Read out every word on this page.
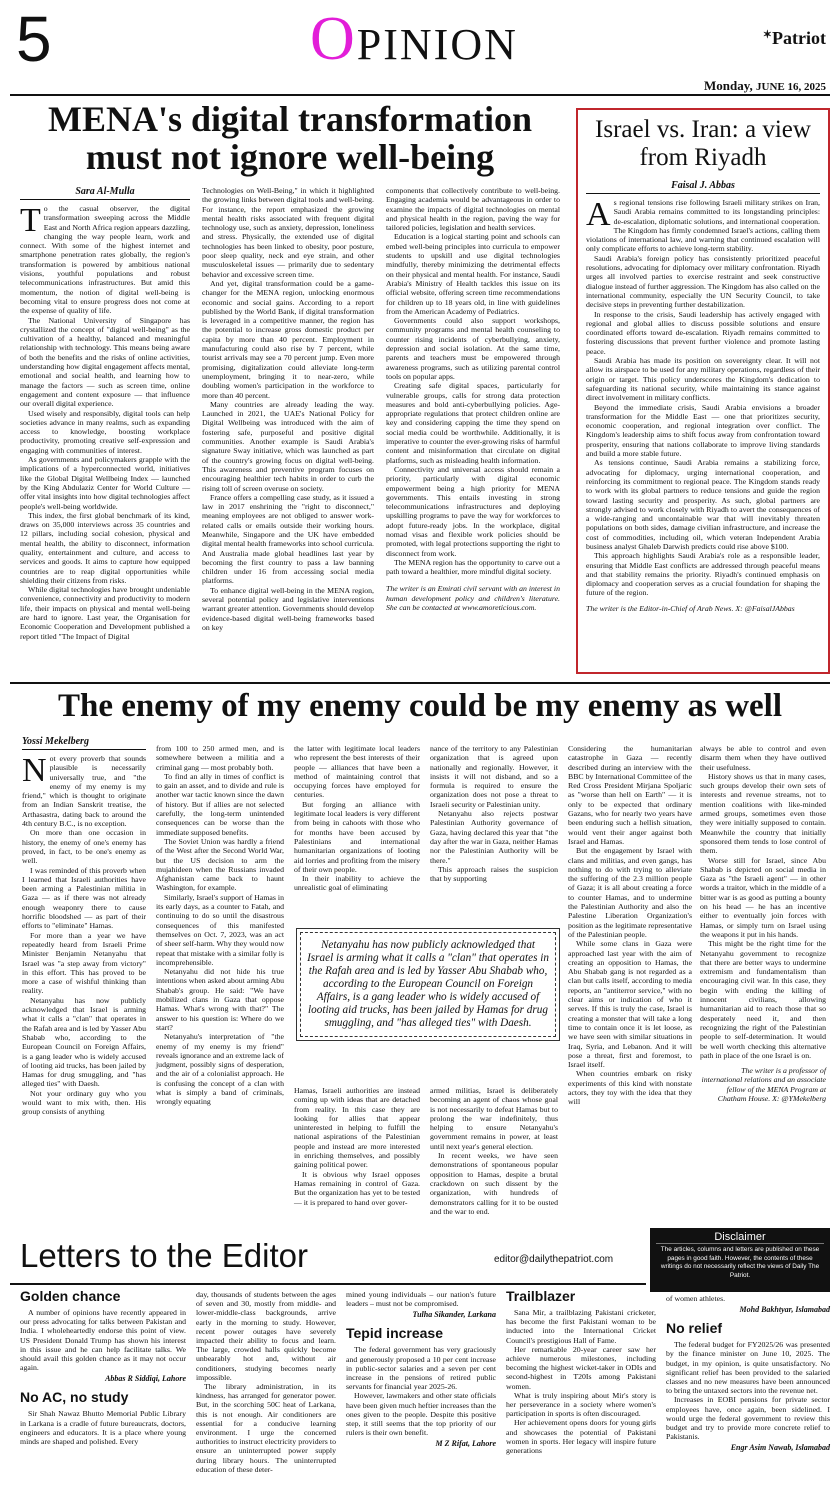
5	OPINION	✶Patriot
Monday, JUNE 16, 2025
MENA's digital transformation
must not ignore well-being
Sara Al-Mulla
T o the casual observer, the digital transformation sweeping across the Middle East and North Africa region appears dazzling, changing the way people learn, work and connect. With some of the highest internet and smartphone penetration rates globally, the region's transformation is powered by ambitious national visions, youthful populations and robust telecommunications infrastructures. But amid this momentum, the notion of digital well-being is becoming vital to ensure progress does not come at the expense of quality of life.

The National University of Singapore has crystallized the concept of "digital well-being" as the cultivation of a healthy, balanced and meaningful relationship with technology. This means being aware of both the benefits and the risks of online activities, understanding how digital engagement affects mental, emotional and social health, and learning how to manage the factors — such as screen time, online engagement and content exposure — that influence our overall digital experience.

Used wisely and responsibly, digital tools can help societies advance in many realms, such as expanding access to knowledge, boosting workplace productivity, promoting creative self-expression and engaging with communities of interest.

As governments and policymakers grapple with the implications of a hyperconnected world, initiatives like the Global Digital Wellbeing Index — launched by the King Abdulaziz Center for World Culture — offer vital insights into how digital technologies affect people's well-being worldwide.

This index, the first global benchmark of its kind, draws on 35,000 interviews across 35 countries and 12 pillars, including social cohesion, physical and mental health, the ability to disconnect, information quality, entertainment and culture, and access to services and goods. It aims to capture how equipped countries are to reap digital opportunities while shielding their citizens from risks.

While digital technologies have brought undeniable convenience, connectivity and productivity to modern life, their impacts on physical and mental well-being are hard to ignore. Last year, the Organisation for Economic Cooperation and Development published a report titled "The Impact of Digital

Technologies on Well-Being," in which it highlighted the growing links between digital tools and well-being. For instance, the report emphasized the growing mental health risks associated with frequent digital technology use, such as anxiety, depression, loneliness and stress. Physically, the extended use of digital technologies has been linked to obesity, poor posture, poor sleep quality, neck and eye strain, and other musculoskeletal issues — primarily due to sedentary behavior and excessive screen time.

And yet, digital transformation could be a game-changer for the MENA region, unlocking enormous economic and social gains. According to a report published by the World Bank, if digital transformation is leveraged in a competitive manner, the region has the potential to increase gross domestic product per capita by more than 40 percent. Employment in manufacturing could also rise by 7 percent, while tourist arrivals may see a 70 percent jump. Even more promising, digitalization could alleviate long-term unemployment, bringing it to near-zero, while doubling women's participation in the workforce to more than 40 percent.

Many countries are already leading the way. Launched in 2021, the UAE's National Policy for Digital Wellbeing was introduced with the aim of fostering safe, purposeful and positive digital communities. Another example is Saudi Arabia's signature Sway initiative, which was launched as part of the country's growing focus on digital well-being. This awareness and preventive program focuses on encouraging healthier tech habits in order to curb the rising toll of screen overuse on society.

France offers a compelling case study, as it issued a law in 2017 enshrining the "right to disconnect," meaning employees are not obliged to answer work-related calls or emails outside their working hours. Meanwhile, Singapore and the UK have embedded digital mental health frameworks into school curricula. And Australia made global headlines last year by becoming the first country to pass a law banning children under 16 from accessing social media platforms.

To enhance digital well-being in the MENA region, several potential policy and legislative interventions warrant greater attention. Governments should develop evidence-based digital well-being frameworks based on key

components that collectively contribute to well-being. Engaging academia would be advantageous in order to examine the impacts of digital technologies on mental and physical health in the region, paving the way for tailored policies, legislation and health services.

Education is a logical starting point and schools can embed well-being principles into curricula to empower students to upskill and use digital technologies mindfully, thereby minimizing the detrimental effects on their physical and mental health. For instance, Saudi Arabia's Ministry of Health tackles this issue on its official website, offering screen time recommendations for children up to 18 years old, in line with guidelines from the American Academy of Pediatrics.

Governments could also support workshops, community programs and mental health counseling to counter rising incidents of cyberbullying, anxiety, depression and social isolation. At the same time, parents and teachers must be empowered through awareness programs, such as utilizing parental control tools on popular apps.

Creating safe digital spaces, particularly for vulnerable groups, calls for strong data protection measures and bold anti-cyberbullying policies. Age-appropriate regulations that protect children online are key and considering capping the time they spend on social media could be worthwhile. Additionally, it is imperative to counter the ever-growing risks of harmful content and misinformation that circulate on digital platforms, such as misleading health information.

Connectivity and universal access should remain a priority, particularly with digital economic empowerment being a high priority for MENA governments. This entails investing in strong telecommunications infrastructures and deploying upskilling programs to pave the way for workforces to adopt future-ready jobs. In the workplace, digital nomad visas and flexible work policies should be promoted, with legal protections supporting the right to disconnect from work.

The MENA region has the opportunity to carve out a path toward a healthier, more mindful digital society.

The writer is an Emirati civil servant with an interest in human development policy and children's literature. She can be contacted at www.amoreticious.com.

Israel vs. Iran: a view
from Riyadh
Faisal J. Abbas
A s regional tensions rise following Israeli military strikes on Iran, Saudi Arabia remains committed to its longstanding principles: de-escalation, diplomatic solutions, and international cooperation. The Kingdom has firmly condemned Israel's actions, calling them violations of international law, and warning that continued escalation will only complicate efforts to achieve long-term stability.

Saudi Arabia's foreign policy has consistently prioritized peaceful resolutions, advocating for diplomacy over military confrontation. Riyadh urges all involved parties to exercise restraint and seek constructive dialogue instead of further aggression. The Kingdom has also called on the international community, especially the UN Security Council, to take decisive steps in preventing further destabilization.

In response to the crisis, Saudi leadership has actively engaged with regional and global allies to discuss possible solutions and ensure coordinated efforts toward de-escalation. Riyadh remains committed to fostering discussions that prevent further violence and promote lasting peace.

Saudi Arabia has made its position on sovereignty clear. It will not allow its airspace to be used for any military operations, regardless of their origin or target. This policy underscores the Kingdom's dedication to safeguarding its national security, while maintaining its stance against direct involvement in military conflicts.

Beyond the immediate crisis, Saudi Arabia envisions a broader transformation for the Middle East — one that prioritizes security, economic cooperation, and regional integration over conflict. The Kingdom's leadership aims to shift focus away from confrontation toward prosperity, ensuring that nations collaborate to improve living standards and build a more stable future.

As tensions continue, Saudi Arabia remains a stabilizing force, advocating for diplomacy, urging international cooperation, and reinforcing its commitment to regional peace. The Kingdom stands ready to work with its global partners to reduce tensions and guide the region toward lasting security and prosperity. As such, global partners are strongly advised to work closely with Riyadh to avert the consequences of a wide-ranging and uncontainable war that will inevitably threaten populations on both sides, damage civilian infrastructure, and increase the cost of commodities, including oil, which veteran Independent Arabia business analyst Ghaleb Darwish predicts could rise above $100.

This approach highlights Saudi Arabia's role as a responsible leader, ensuring that Middle East conflicts are addressed through peaceful means and that stability remains the priority. Riyadh's continued emphasis on diplomacy and cooperation serves as a crucial foundation for shaping the future of the region.

The writer is the Editor-in-Chief of Arab News. X: @FaisalJAbbas

The enemy of my enemy could be my enemy as well
Yossi Mekelberg
N ot every proverb that sounds plausible is necessarily universally true, and "the enemy of my enemy is my friend," which is thought to originate from an Indian Sanskrit treatise, the Arthasastra, dating back to around the 4th century B.C., is no exception.

On more than one occasion in history, the enemy of one's enemy has proved, in fact, to be one's enemy as well.

I was reminded of this proverb when I learned that Israeli authorities have been arming a Palestinian militia in Gaza — as if there was not already enough weaponry there to cause horrific bloodshed — as part of their efforts to "eliminate" Hamas.

For more than a year we have repeatedly heard from Israeli Prime Minister Benjamin Netanyahu that Israel was "a step away from victory" in this effort. This has proved to be more a case of wishful thinking than reality.

Netanyahu has now publicly acknowledged that Israel is arming what it calls a "clan" that operates in the Rafah area and is led by Yasser Abu Shabab who, according to the European Council on Foreign Affairs, is a gang leader who is widely accused of looting aid trucks, has been jailed by Hamas for drug smuggling, and "has alleged ties" with Daesh.

Not your ordinary guy who you would want to mix with, then. His group consists of anything

from 100 to 250 armed men, and is somewhere between a militia and a criminal gang — most probably both.

To find an ally in times of conflict is to gain an asset, and to divide and rule is another war tactic known since the dawn of history. But if allies are not selected carefully, the long-term unintended consequences can be worse than the immediate supposed benefits.

The Soviet Union was hardly a friend of the West after the Second World War, but the US decision to arm the mujahideen when the Russians invaded Afghanistan came back to haunt Washington, for example.

Similarly, Israel's support of Hamas in its early days, as a counter to Fatah, and continuing to do so until the disastrous consequences of this manifested themselves on Oct. 7, 2023, was an act of sheer self-harm. Why they would now repeat that mistake with a similar folly is incomprehensible.

Netanyahu did not hide his true intentions when asked about arming Abu Shabab's group. He said: "We have mobilized clans in Gaza that oppose Hamas. What's wrong with that?" The answer to his question is: Where do we start?

Netanyahu's interpretation of "the enemy of my enemy is my friend" reveals ignorance and an extreme lack of judgment, possibly signs of desperation, and the air of a colonialist approach. He is confusing the concept of a clan with what is simply a band of criminals, wrongly equating

the latter with legitimate local leaders who represent the best interests of their people — alliances that have been a method of maintaining control that occupying forces have employed for centuries.

But forging an alliance with legitimate local leaders is very different from being in cahoots with those who for months have been accused by Palestinians and international humanitarian organizations of looting aid lorries and profiting from the misery of their own people.

In their inability to achieve the unrealistic goal of eliminating

nance of the territory to any Palestinian organization that is agreed upon nationally and regionally. However, it insists it will not disband, and so a formula is required to ensure the organization does not pose a threat to Israeli security or Palestinian unity.

Netanyahu also rejects postwar Palestinian Authority governance of Gaza, having declared this year that "the day after the war in Gaza, neither Hamas nor the Palestinian Authority will be there."

This approach raises the suspicion that by supporting

Netanyahu has now publicly acknowledged that Israel is arming what it calls a "clan" that operates in the Rafah area and is led by Yasser Abu Shabab who, according to the European Council on Foreign Affairs, is a gang leader who is widely accused of looting aid trucks, has been jailed by Hamas for drug smuggling, and "has alleged ties" with Daesh.

Hamas, Israeli authorities are instead coming up with ideas that are detached from reality. In this case they are looking for allies that appear uninterested in helping to fulfill the national aspirations of the Palestinian people and instead are more interested in enriching themselves, and possibly gaining political power.

It is obvious why Israel opposes Hamas remaining in control of Gaza. But the organization has yet to be tested — it is prepared to hand over gover-

armed militias, Israel is deliberately becoming an agent of chaos whose goal is not necessarily to defeat Hamas but to prolong the war indefinitely, thus helping to ensure Netanyahu's government remains in power, at least until next year's general election.

In recent weeks, we have seen demonstrations of spontaneous popular opposition to Hamas, despite a brutal crackdown on such dissent by the organization, with hundreds of demonstrators calling for it to be ousted and the war to end.

Considering the humanitarian catastrophe in Gaza — recently described during an interview with the BBC by International Committee of the Red Cross President Mirjana Spoljaric as "worse than hell on Earth" — it is only to be expected that ordinary Gazans, who for nearly two years have been enduring such a hellish situation, would vent their anger against both Israel and Hamas.

But the engagement by Israel with clans and militias, and even gangs, has nothing to do with trying to alleviate the suffering of the 2.3 million people of Gaza; it is all about creating a force to counter Hamas, and to undermine the Palestinian Authority and also the Palestine Liberation Organization's position as the legitimate representative of the Palestinian people.

While some clans in Gaza were approached last year with the aim of creating an opposition to Hamas, the Abu Shabab gang is not regarded as a clan but calls itself, according to media reports, an "antiterror service," with no clear aims or indication of who it serves. If this is truly the case, Israel is creating a monster that will take a long time to contain once it is let loose, as we have seen with similar situations in Iraq, Syria, and Lebanon. And it will pose a threat, first and foremost, to Israel itself.

When countries embark on risky experiments of this kind with nonstate actors, they toy with the idea that they will

always be able to control and even disarm them when they have outlived their usefulness.

History shows us that in many cases, such groups develop their own sets of interests and revenue streams, not to mention coalitions with like-minded armed groups, sometimes even those they were initially supposed to contain. Meanwhile the country that initially sponsored them tends to lose control of them.

Worse still for Israel, since Abu Shabab is depicted on social media in Gaza as "the Israeli agent" — in other words a traitor, which in the middle of a bitter war is as good as putting a bounty on his head — he has an incentive either to eventually join forces with Hamas, or simply turn on Israel using the weapons it put in his hands.

This might be the right time for the Netanyahu government to recognize that there are better ways to undermine extremism and fundamentalism than encouraging civil war. In this case, they begin with ending the killing of innocent civilians, allowing humanitarian aid to reach those that so desperately need it, and then recognizing the right of the Palestinian people to self-determination. It would be well worth checking this alternative path in place of the one Israel is on.

The writer is a professor of international relations and an associate fellow of the MENA Program at Chatham House. X: @YMekelberg

Disclaimer
The articles, columns and letters are published on these pages in good faith. However, the contents of these writings do not necessarily reflect the views of Daily The Patriot.
Letters to the Editor	editor@dailythepatriot.com
Golden chance

A number of opinions have recently appeared in our press advocating for talks between Pakistan and India. I wholeheartedly endorse this point of view. US President Donald Trump has shown his interest in this issue and he can help facilitate talks. We should avail this golden chance as it may not occur again.

Abbas R Siddiqi, Lahore
No AC, no study

Sir Shah Nawaz Bhutto Memorial Public Library in Larkana is a cradle of future bureaucrats, doctors, engineers and educators. It is a place where young minds are shaped and polished. Every

day, thousands of students between the ages of seven and 30, mostly from middle- and lower-middle-class backgrounds, arrive early in the morning to study. However, recent power outages have severely impacted their ability to focus and learn. The large, crowded halls quickly become unbearably hot and, without air conditioners, studying becomes nearly impossible.

The library administration, in its kindness, has arranged for generator power. But, in the scorching 50C heat of Larkana, this is not enough. Air conditioners are essential for a conducive learning environment. I urge the concerned authorities to instruct electricity providers to ensure an uninterrupted power supply during library hours. The uninterrupted education of these deter-

mined young individuals – our nation's future leaders – must not be compromised.

Tulha Sikander, Larkana
Tepid increase

The federal government has very graciously and generously proposed a 10 per cent increase in public-sector salaries and a seven per cent increase in the pensions of retired public servants for financial year 2025-26.

However, lawmakers and other state officials have been given much heftier increases than the ones given to the people. Despite this positive step, it still seems that the top priority of our rulers is their own benefit.

M Z Rifat, Lahore
Trailblazer

Sana Mir, a trailblazing Pakistani cricketer, has become the first Pakistani woman to be inducted into the International Cricket Council's prestigious Hall of Fame.

Her remarkable 20-year career saw her achieve numerous milestones, including becoming the highest wicket-taker in ODIs and second-highest in T20Is among Pakistani women.

What is truly inspiring about Mir's story is her perseverance in a society where women's participation in sports is often discouraged.

Her achievement opens doors for young girls and showcases the potential of Pakistani women in sports. Her legacy will inspire future generations

of women athletes.

Mohd Bakhtyar, Islamabad
No relief

The federal budget for FY2025/26 was presented by the finance minister on June 10, 2025. The budget, in my opinion, is quite unsatisfactory. No significant relief has been provided to the salaried classes and no new measures have been announced to bring the untaxed sectors into the revenue net.

Increases in EOBI pensions for private sector employees have, once again, been sidelined. I would urge the federal government to review this budget and try to provide more concrete relief to Pakistanis.

Engr Asim Nawab, Islamabad
